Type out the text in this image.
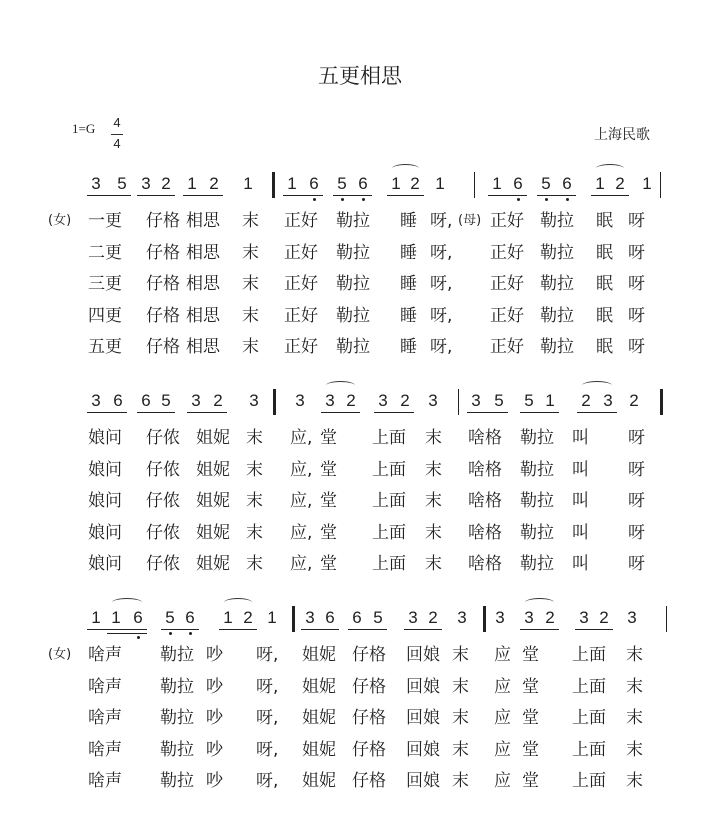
五更相思
1=G 4
4
上海民歌
3 5 3 2 1 2 1 1 6 5 6 1 2 1	1 6 5 6 1 2 1
(女) 一更 仔格 相思 末 正好 勒拉 睡 呀, (母) 正好 勒拉 眠 呀
二更 仔格 相思 末 正好 勒拉 睡 呀, 正好 勒拉 眠 呀
三更 仔格 相思 末 正好 勒拉 睡 呀, 正好 勒拉 眠 呀
四更 仔格 相思 末 正好 勒拉 睡 呀, 正好 勒拉 眠 呀
五更 仔格 相思 末 正好 勒拉 睡 呀, 正好 勒拉 眠 呀
3 6 6 5 3 2 3 3 3 2 3 2 3 3 5 5 1 2 3 2
娘问 仔侬 姐妮 末 应, 堂 上面 末 啥格 勒拉 叫 呀
娘问 仔侬 姐妮 末 应, 堂 上面 末 啥格 勒拉 叫 呀
娘问 仔侬 姐妮 末 应, 堂 上面 末 啥格 勒拉 叫 呀
娘问 仔侬 姐妮 末 应, 堂 上面 末 啥格 勒拉 叫 呀
娘问 仔侬 姐妮 末 应, 堂 上面 末 啥格 勒拉 叫 呀
1 1 6 5 6 1 2 1 3 6 6 5 3 2 3 3 3 2 3 2 3
(女) 啥声 勒拉 吵 呀, 姐妮 仔格 回娘 末 应 堂 上面 末
啥声 勒拉 吵 呀, 姐妮 仔格 回娘 末 应 堂 上面 末
啥声 勒拉 吵 呀, 姐妮 仔格 回娘 末 应 堂 上面 末
啥声 勒拉 吵 呀, 姐妮 仔格 回娘 末 应 堂 上面 末
啥声 勒拉 吵 呀, 姐妮 仔格 回娘 末 应 堂 上面 末
